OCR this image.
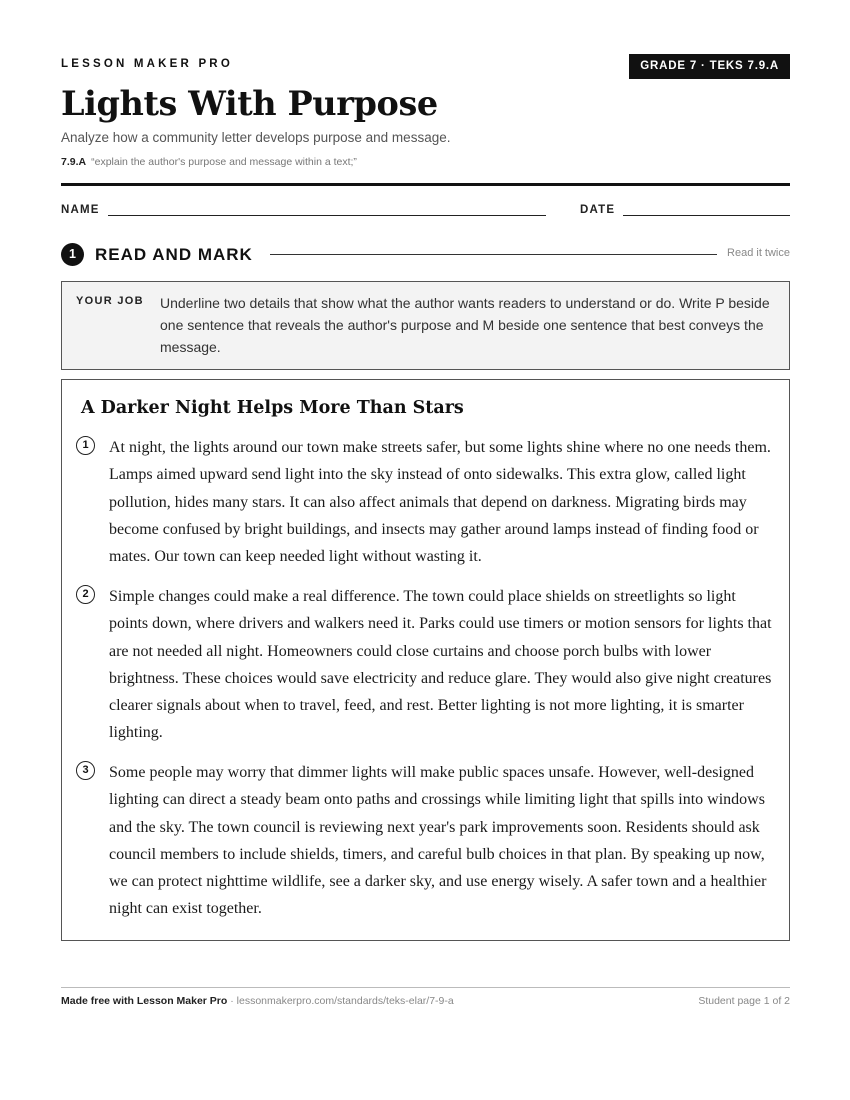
LESSON MAKER PRO	GRADE 7 · TEKS 7.9.A
Lights With Purpose
Analyze how a community letter develops purpose and message.
7.9.A “explain the author's purpose and message within a text;”
NAME	DATE
1	READ AND MARK	Read it twice
YOUR JOB Underline two details that show what the author wants readers to understand or do. Write P beside one sentence that reveals the author's purpose and M beside one sentence that best conveys the message.
A Darker Night Helps More Than Stars
1	At night, the lights around our town make streets safer, but some lights shine where no one needs them. Lamps aimed upward send light into the sky instead of onto sidewalks. This extra glow, called light pollution, hides many stars. It can also affect animals that depend on darkness. Migrating birds may become confused by bright buildings, and insects may gather around lamps instead of finding food or mates. Our town can keep needed light without wasting it.

2	Simple changes could make a real difference. The town could place shields on streetlights so light points down, where drivers and walkers need it. Parks could use timers or motion sensors for lights that are not needed all night. Homeowners could close curtains and choose porch bulbs with lower brightness. These choices would save electricity and reduce glare. They would also give night creatures clearer signals about when to travel, feed, and rest. Better lighting is not more lighting, it is smarter lighting.

3	Some people may worry that dimmer lights will make public spaces unsafe. However, well-designed lighting can direct a steady beam onto paths and crossings while limiting light that spills into windows and the sky. The town council is reviewing next year's park improvements soon. Residents should ask council members to include shields, timers, and careful bulb choices in that plan. By speaking up now, we can protect nighttime wildlife, see a darker sky, and use energy wisely. A safer town and a healthier night can exist together.

Made free with Lesson Maker Pro · lessonmakerpro.com/standards/teks-elar/7-9-a	Student page 1 of 2
